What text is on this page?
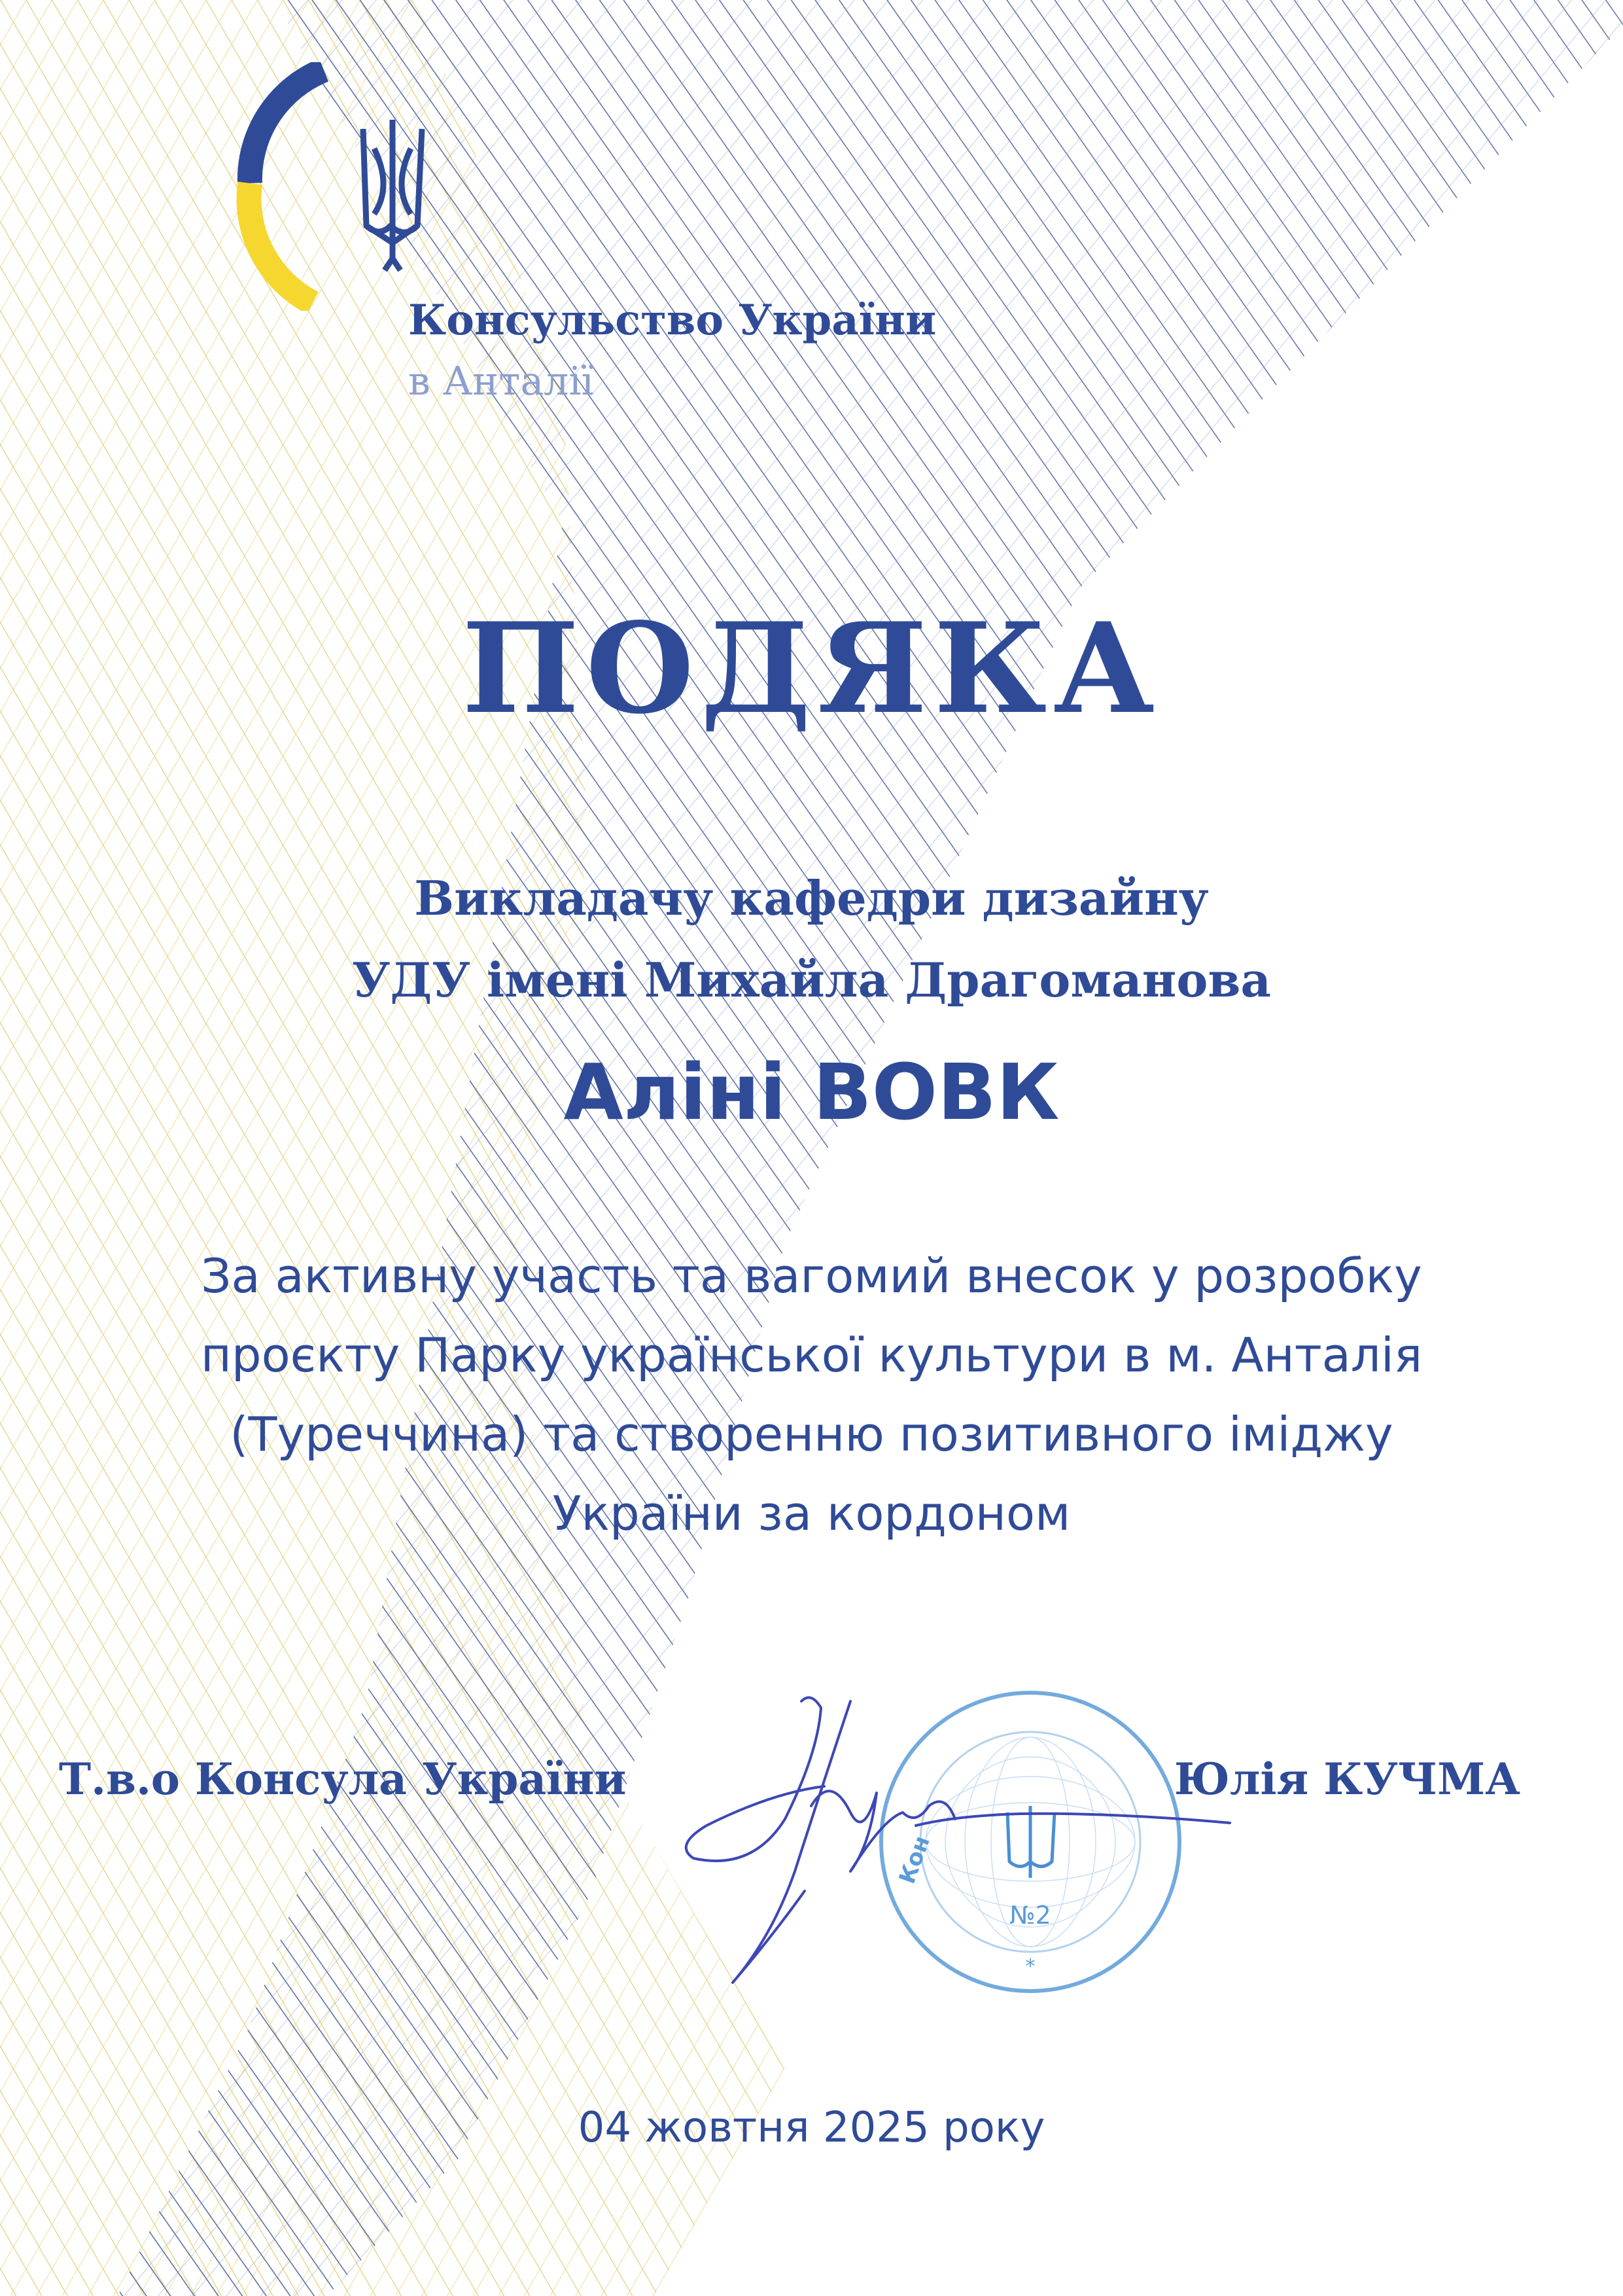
Консульство України
в Анталії
ПОДЯКА
Викладачу кафедри дизайну
УДУ імені Михайла Драгоманова
Аліні ВОВК
За активну участь та вагомий внесок у розробку
проєкту Парку української культури в м. Анталія
(Туреччина) та створенню позитивного іміджу
України за кордоном
Т.в.о Консула України
Кон
№2
*
Юлія КУЧМА
04 жовтня 2025 року
